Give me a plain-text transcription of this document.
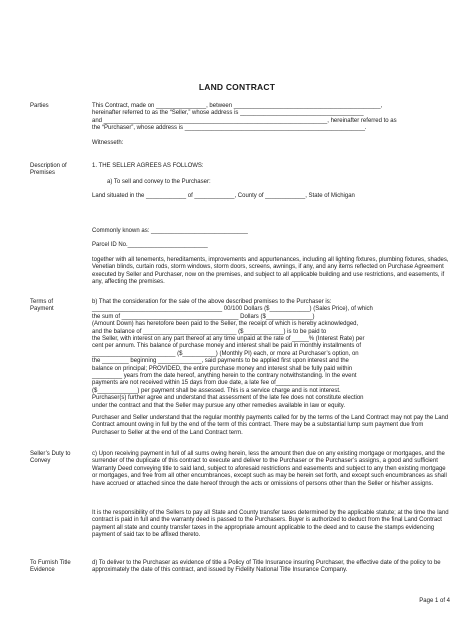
LAND CONTRACT
Parties	This Contract, made on _______________, between ____________________________________________,
hereinafter referred to as the “Seller,” whose address is _____________________________________
and ___________________________________________________________________, hereinafter referred to as
the “Purchaser”, whose address is ______________________________________________________.
Witnesseth:
Description of
Premises
1. THE SELLER AGREES AS FOLLOWS:
a) To sell and convey to the Purchaser:
Land situated in the ____________ of ____________, County of ____________, State of Michigan
Commonly known as: _____________________________
Parcel ID No.________________________
together with all tenements, hereditaments, improvements and appurtenances, including all lighting fixtures, plumbing fixtures, shades, Venetian blinds, curtain rods, storm windows, storm doors, screens, awnings, if any, and any items reflected on Purchase Agreement executed by Seller and Purchaser, now on the premises, and subject to all applicable building and use restrictions, and easements, if any, affecting the premises.
Terms of
Payment
b) That the consideration for the sale of the above described premises to the Purchaser is:
_______________________________________ 00/100 Dollars ($____________) (Sales Price), of which
the sum of ___________________________________ Dollars ($______________)
(Amount Down) has heretofore been paid to the Seller, the receipt of which is hereby acknowledged,
and the balance of ____________________________ ($____________) is to be paid to
the Seller, with interest on any part thereof at any time unpaid at the rate of _____% (Interest Rate) per
cent per annum. This balance of purchase money and interest shall be paid in monthly installments of
_________________________ ($__________) (Monthly PI) each, or more at Purchaser’s option, on
the ________ beginning _____________, said payments to be applied first upon interest and the
balance on principal; PROVIDED, the entire purchase money and interest shall be fully paid within
_________ years from the date hereof, anything herein to the contrary notwithstanding. In the event
payments are not received within 15 days from due date, a late fee of___________________
($____________) per payment shall be assessed. This is a service charge and is not interest.
Purchaser(s) further agree and understand that assessment of the late fee does not constitute election
under the contract and that the Seller may pursue any other remedies available in law or equity.
Purchaser and Seller understand that the regular monthly payments called for by the terms of the Land Contract may not pay the Land Contract amount owing in full by the end of the term of this contract. There may be a substantial lump sum payment due from Purchaser to Seller at the end of the Land Contract term.
Seller’s Duty to
Convey
c) Upon receiving payment in full of all sums owing herein, less the amount then due on any existing mortgage or mortgages, and the surrender of the duplicate of this contract to execute and deliver to the Purchaser or the Purchaser’s assigns, a good and sufficient Warranty Deed conveying title to said land, subject to aforesaid restrictions and easements and subject to any then existing mortgage or mortgages, and free from all other encumbrances, except such as may be herein set forth, and except such encumbrances as shall have accrued or attached since the date hereof through the acts or omissions of persons other than the Seller or his/her assigns.
It is the responsibility of the Sellers to pay all State and County transfer taxes determined by the applicable statute; at the time the land contract is paid in full and the warranty deed is passed to the Purchasers. Buyer is authorized to deduct from the final Land Contract payment all state and county transfer taxes in the appropriate amount applicable to the deed and to cause the stamps evidencing payment of said tax to be affixed thereto.
To Furnish Title
Evidence
d) To deliver to the Purchaser as evidence of title a Policy of Title Insurance insuring Purchaser, the effective date of the policy to be approximately the date of this contract, and issued by Fidelity National Title Insurance Company.
Page 1 of 4
